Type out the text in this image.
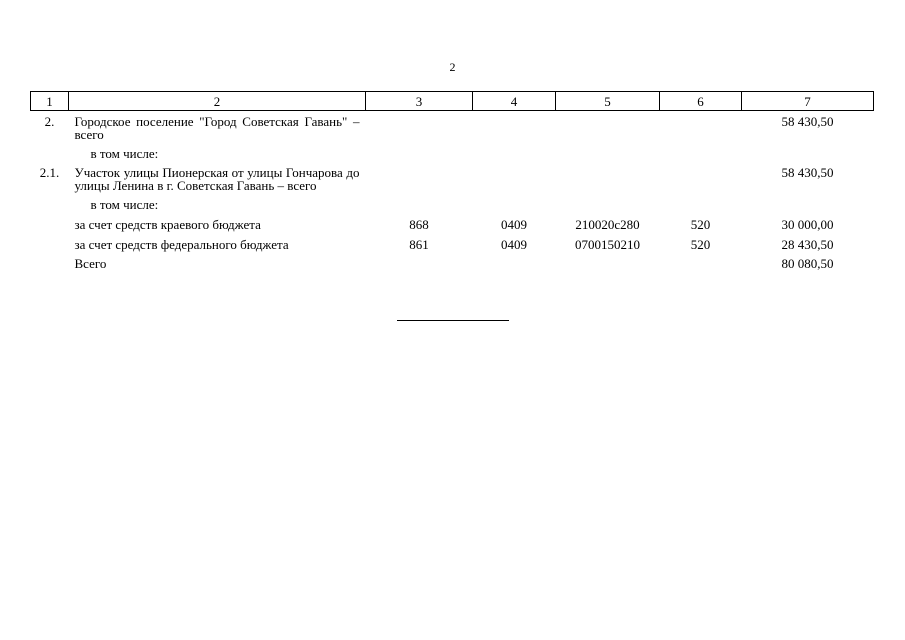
2
1	2	3	4	5	6	7
2.	Городское поселение "Город Советская Гавань" – всего					58 430,50
	в том числе:					
2.1.	Участок улицы Пионерская от улицы Гончарова до улицы Ленина в г. Советская Гавань – всего					58 430,50
	в том числе:					
	за счет средств краевого бюджета	868	0409	210020с280	520	30 000,00
	за счет средств федерального бюджета	861	0409	0700150210	520	28 430,50
	Всего					80 080,50
